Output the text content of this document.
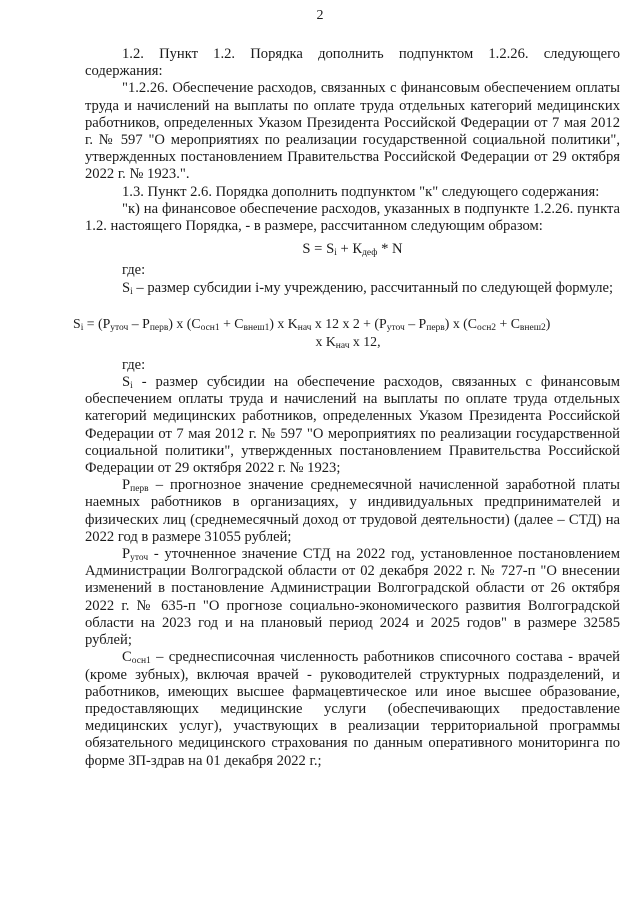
2

1.2. Пункт 1.2. Порядка дополнить подпунктом 1.2.26. следующего содержания:

"1.2.26. Обеспечение расходов, связанных с финансовым обеспечением оплаты труда и начислений на выплаты по оплате труда отдельных категорий медицинских работников, определенных Указом Президента Российской Федерации от 7 мая 2012 г. № 597 "О мероприятиях по реализации государственной социальной политики", утвержденных постановлением Правительства Российской Федерации от 29 октября 2022 г. № 1923.".

1.3. Пункт 2.6. Порядка дополнить подпунктом "к" следующего содержания:

"к) на финансовое обеспечение расходов, указанных в подпункте 1.2.26. пункта 1.2. настоящего Порядка, - в размере, рассчитанном следующим образом:

$S = S_i + К_{деф} * N$

где:

$S_i$ – размер субсидии i-му учреждению, рассчитанный по следующей формуле;

$S_i = (P_{уточ} - P_{перв})$ x $(C_{осн1} + C_{внеш1})$ x $K_{нач}$ x 12 x $2 + (P_{уточ} - P_{перв})$ x $(C_{осн2} + C_{внеш2})$
x $K_{нач}$ x 12,

где:

$S_i$ - размер субсидии на обеспечение расходов, связанных с финансовым обеспечением оплаты труда и начислений на выплаты по оплате труда отдельных категорий медицинских работников, определенных Указом Президента Российской Федерации от 7 мая 2012 г. № 597 "О мероприятиях по реализации государственной социальной политики", утвержденных постановлением Правительства Российской Федерации от 29 октября 2022 г. № 1923;

$P_{перв}$ – прогнозное значение среднемесячной начисленной заработной платы наемных работников в организациях, у индивидуальных предпринимателей и физических лиц (среднемесячный доход от трудовой деятельности) (далее – СТД) на 2022 год в размере 31055 рублей;

$P_{уточ}$ - уточненное значение СТД на 2022 год, установленное постановлением Администрации Волгоградской области от 02 декабря 2022 г. № 727-п "О внесении изменений в постановление Администрации Волгоградской области от 26 октября 2022 г. № 635-п "О прогнозе социально-экономического развития Волгоградской области на 2023 год и на плановый период 2024 и 2025 годов" в размере 32585 рублей;

$C_{осн1}$ – среднесписочная численность работников списочного состава - врачей (кроме зубных), включая врачей - руководителей структурных подразделений, и работников, имеющих высшее фармацевтическое или иное высшее образование, предоставляющих медицинские услуги (обеспечивающих предоставление медицинских услуг), участвующих в реализации территориальной программы обязательного медицинского страхования по данным оперативного мониторинга по форме ЗП-здрав на 01 декабря 2022 г.;
